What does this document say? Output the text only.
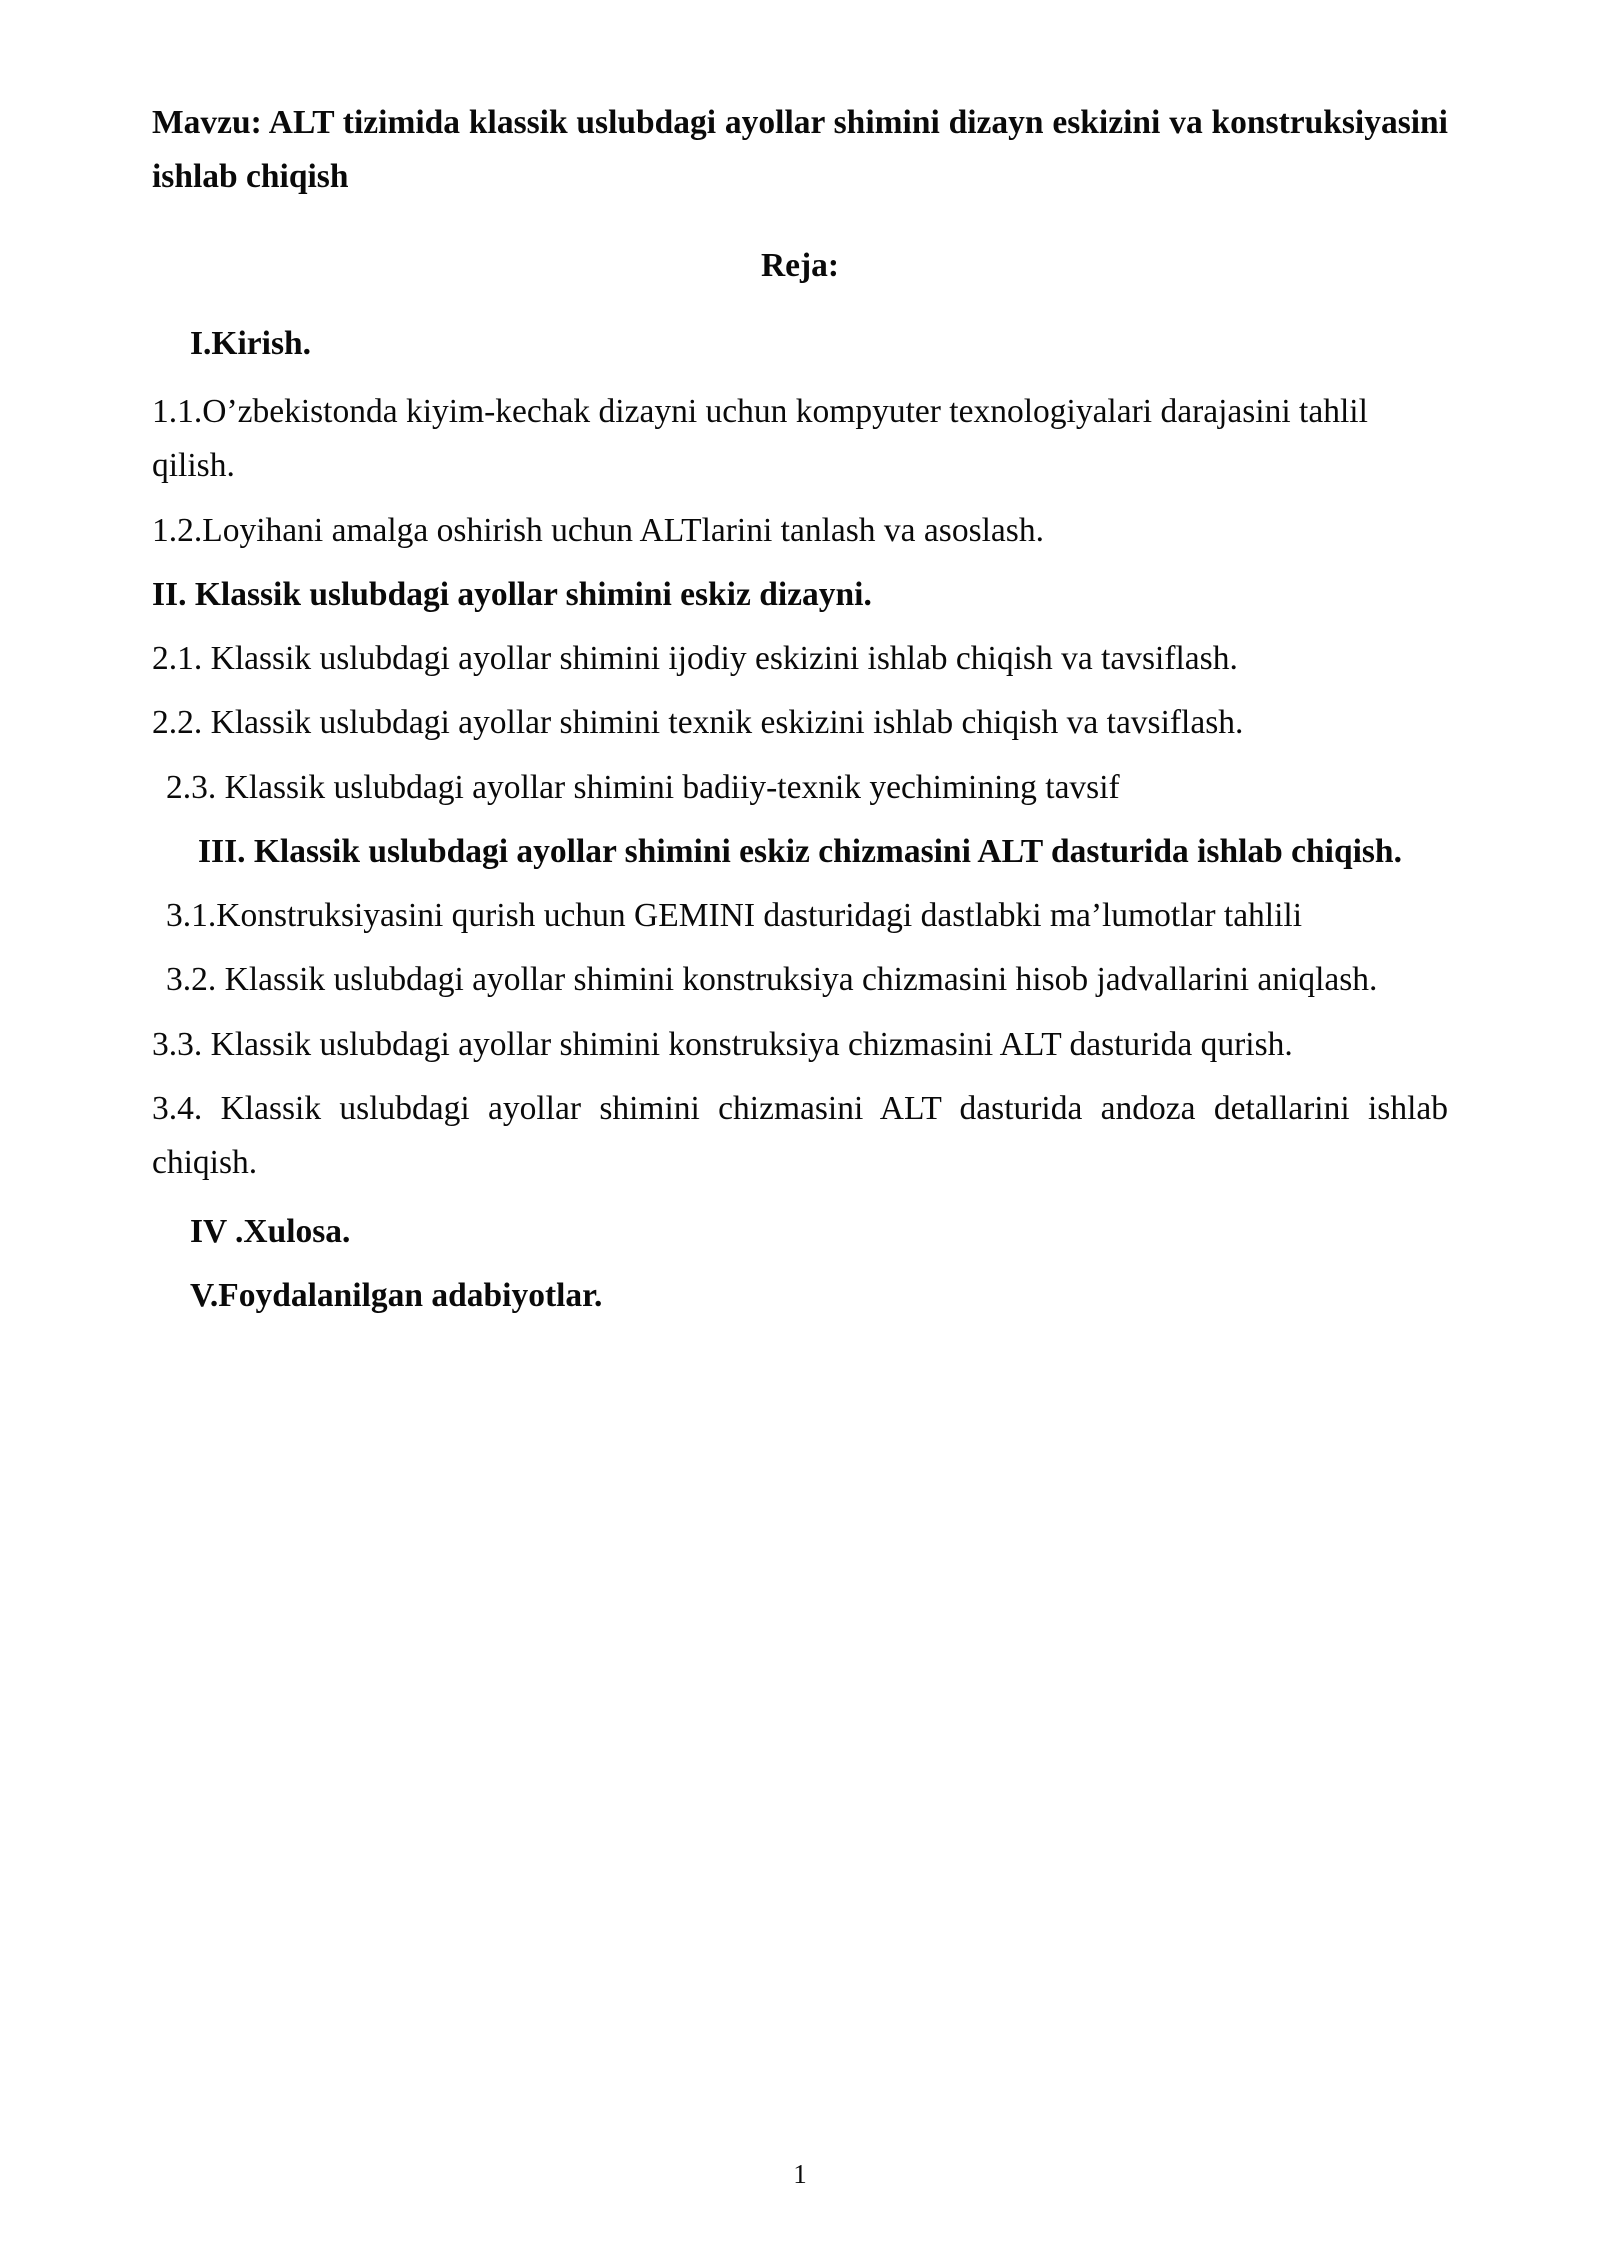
Mavzu: ALT tizimida klassik uslubdagi ayollar shimini dizayn eskizini va konstruksiyasini ishlab chiqish

Reja:

I.Kirish.

1.1.O’zbekistonda kiyim-kechak dizayni uchun kompyuter texnologiyalari darajasini tahlil qilish.

1.2.Loyihani amalga oshirish uchun ALTlarini tanlash va asoslash.

II. Klassik uslubdagi ayollar shimini eskiz dizayni.

2.1. Klassik uslubdagi ayollar shimini ijodiy eskizini ishlab chiqish va tavsiflash.

2.2. Klassik uslubdagi ayollar shimini texnik eskizini ishlab chiqish va tavsiflash.

2.3. Klassik uslubdagi ayollar shimini badiiy-texnik yechimining tavsif

III. Klassik uslubdagi ayollar shimini eskiz chizmasini ALT dasturida ishlab chiqish.

3.1.Konstruksiyasini qurish uchun GEMINI dasturidagi dastlabki ma’lumotlar tahlili

3.2. Klassik uslubdagi ayollar shimini konstruksiya chizmasini hisob jadvallarini aniqlash.

3.3. Klassik uslubdagi ayollar shimini konstruksiya chizmasini ALT dasturida qurish.

3.4. Klassik uslubdagi ayollar shimini chizmasini ALT dasturida andoza detallarini ishlab chiqish.

IV .Xulosa.

V.Foydalanilgan adabiyotlar.

1
